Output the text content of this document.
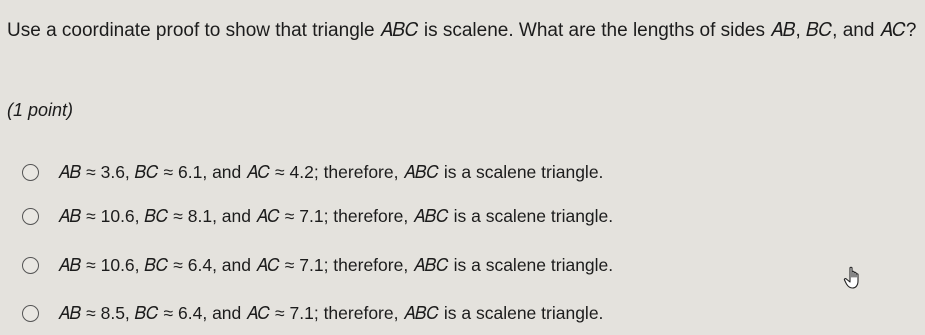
Use a coordinate proof to show that triangle 𝐴𝐵𝐶 is scalene. What are the lengths of sides 𝐴𝐵, 𝐵𝐶, and 𝐴𝐶?

(1 point)

𝐴𝐵 ≈ 3.6, 𝐵𝐶 ≈ 6.1, and 𝐴𝐶 ≈ 4.2; therefore, 𝐴𝐵𝐶 is a scalene triangle.
𝐴𝐵 ≈ 10.6, 𝐵𝐶 ≈ 8.1, and 𝐴𝐶 ≈ 7.1; therefore, 𝐴𝐵𝐶 is a scalene triangle.
𝐴𝐵 ≈ 10.6, 𝐵𝐶 ≈ 6.4, and 𝐴𝐶 ≈ 7.1; therefore, 𝐴𝐵𝐶 is a scalene triangle.
𝐴𝐵 ≈ 8.5, 𝐵𝐶 ≈ 6.4, and 𝐴𝐶 ≈ 7.1; therefore, 𝐴𝐵𝐶 is a scalene triangle.
